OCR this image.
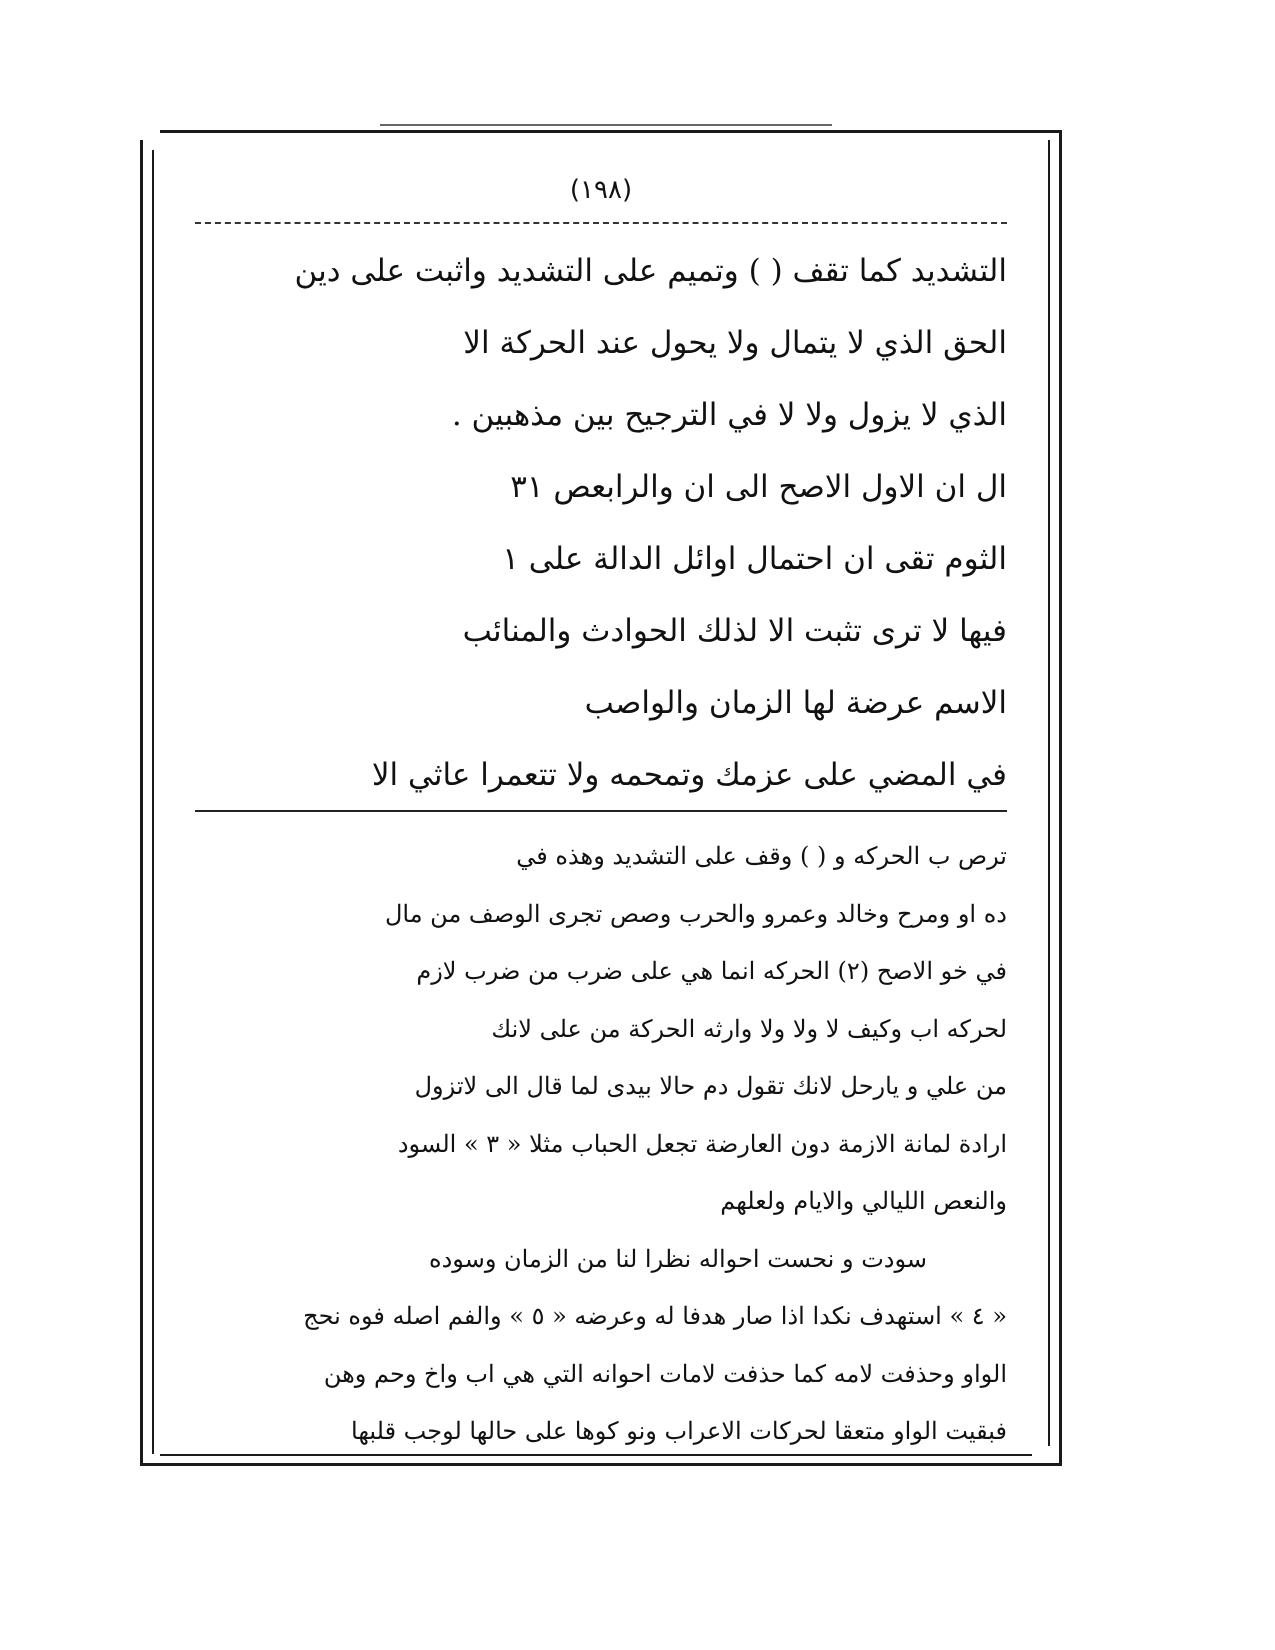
(١٩٨)
التشديد كما تقف ( ) وتميم على التشديد واثبت على دين
الحق الذي لا يتمال ولا يحول عند الحركة الا
الذي لا يزول ولا لا في الترجيح بين مذهبين .
ال ان الاول الاصح الى ان والرابعص ٣١
الثوم تقى ان احتمال اوائل الدالة على ١
فيها لا ترى تثبت الا لذلك الحوادث والمنائب
الاسم عرضة لها الزمان والواصب
في المضي على عزمك وتمحمه ولا تتعمرا عاثي الا
ترص ب الحركه و ( ) وقف على التشديد وهذه في
ده او ومرح وخالد وعمرو والحرب وصص تجرى الوصف من مال
في خو الاصح (٢) الحركه انما هي على ضرب من ضرب لازم
لحركه اب وكيف لا ولا ولا وارثه الحركة من على لانك
من علي و يارحل لانك تقول دم حالا بيدى لما قال الى لاتزول
ارادة لمانة الازمة دون العارضة تجعل الحباب مثلا « ٣ » السود
والنعص الليالي والايام ولعلهم
سودت و نحست احواله نظرا لنا من الزمان وسوده
« ٤ » استهدف نكدا اذا صار هدفا له وعرضه « ٥ » والفم اصله فوه نحج
الواو وحذفت لامه كما حذفت لامات احوانه التي هي اب واخ وحم وهن
فبقيت الواو متعقا لحركات الاعراب ونو كوها على حالها لوجب قلبها
